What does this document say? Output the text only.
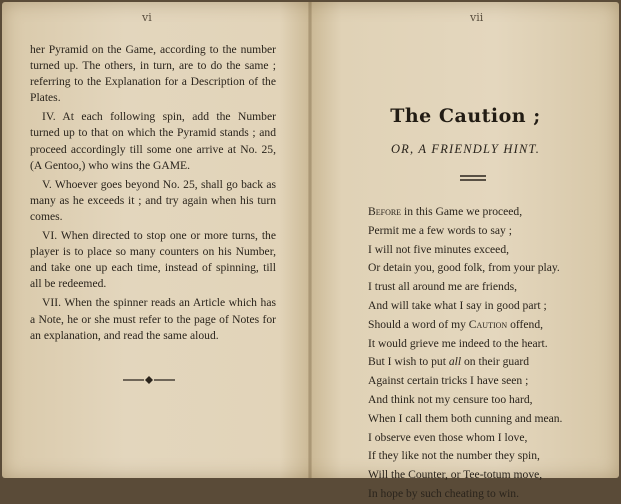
vi

her Pyramid on the Game, according to the number turned up. The others, in turn, are to do the same ; referring to the Explanation for a Description of the Plates.

IV. At each following spin, add the Number turned up to that on which the Pyramid stands ; and proceed accordingly till some one arrive at No. 25, (A Gentoo,) who wins the GAME.

V. Whoever goes beyond No. 25, shall go back as many as he exceeds it ; and try again when his turn comes.

VI. When directed to stop one or more turns, the player is to place so many counters on his Number, and take one up each time, instead of spinning, till all be redeemed.

VII. When the spinner reads an Article which has a Note, he or she must refer to the page of Notes for an explanation, and read the same aloud.

vii
The Caution ;
OR, A FRIENDLY HINT.
Before in this Game we proceed,
Permit me a few words to say ;
I will not five minutes exceed,
Or detain you, good folk, from your play.
I trust all around me are friends,
And will take what I say in good part ;
Should a word of my Caution offend,
It would grieve me indeed to the heart.
But I wish to put all on their guard
Against certain tricks I have seen ;
And think not my censure too hard,
When I call them both cunning and mean.
I observe even those whom I love,
If they like not the number they spin,
Will the Counter, or Tee-totum move,
In hope by such cheating to win.
